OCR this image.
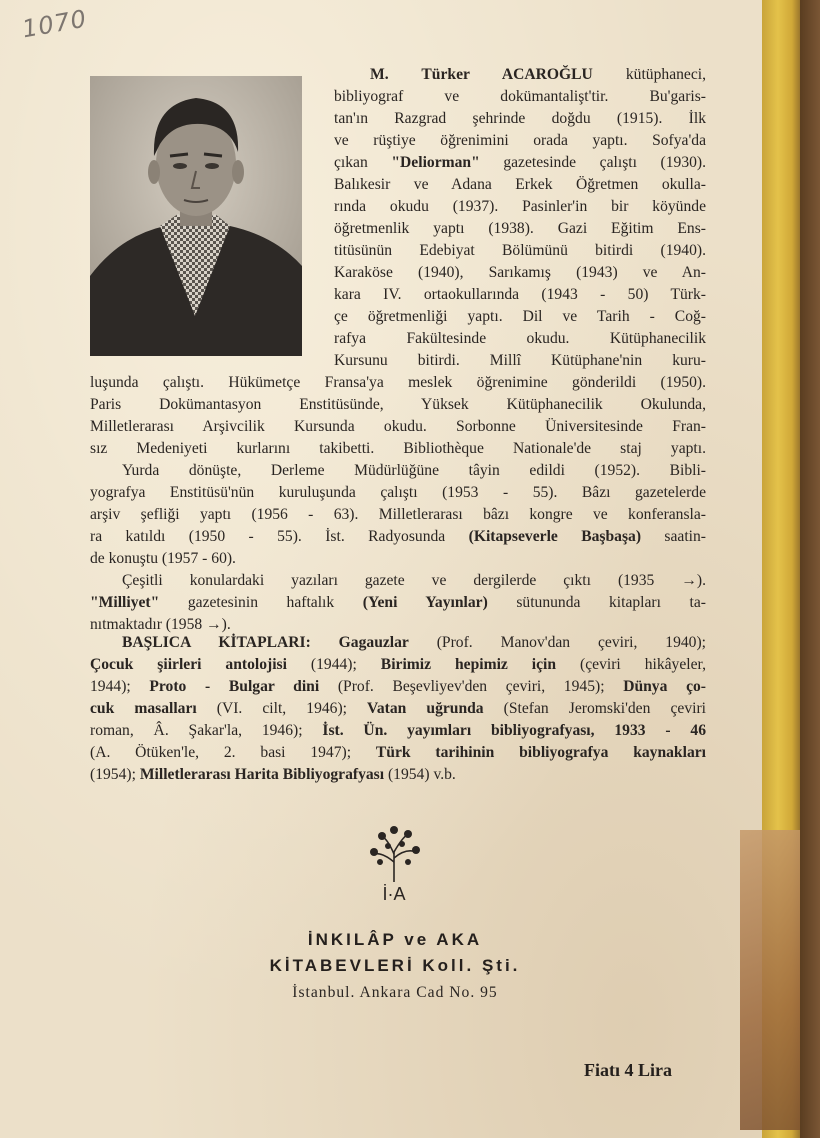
1070
M. Türker ACAROĞLU kütüphaneci,
bibliyograf ve dokümantalişt'tir. Bu'garis-
tan'ın Razgrad şehrinde doğdu (1915). İlk
ve rüştiye öğrenimini orada yaptı. Sofya'da
çıkan "Deliorman" gazetesinde çalıştı (1930).
Balıkesir ve Adana Erkek Öğretmen okulla-
rında okudu (1937). Pasinler'in bir köyünde
öğretmenlik yaptı (1938). Gazi Eğitim Ens-
titüsünün Edebiyat Bölümünü bitirdi (1940).
Karaköse (1940), Sarıkamış (1943) ve An-
kara IV. ortaokullarında (1943 - 50) Türk-
çe öğretmenliği yaptı. Dil ve Tarih - Coğ-
rafya Fakültesinde okudu. Kütüphanecilik
Kursunu bitirdi. Millî Kütüphane'nin kuru-
luşunda çalıştı. Hükümetçe Fransa'ya meslek öğrenimine gönderildi (1950).
Paris Dokümantasyon Enstitüsünde, Yüksek Kütüphanecilik Okulunda,
Milletlerarası Arşivcilik Kursunda okudu. Sorbonne Üniversitesinde Fran-
sız Medeniyeti kurlarını takibetti. Bibliothèque Nationale'de staj yaptı.
Yurda dönüşte, Derleme Müdürlüğüne tâyin edildi (1952). Bibli-
yografya Enstitüsü'nün kuruluşunda çalıştı (1953 - 55). Bâzı gazetelerde
arşiv şefliği yaptı (1956 - 63). Milletlerarası bâzı kongre ve konferansla-
ra katıldı (1950 - 55). İst. Radyosunda (Kitapseverle Başbaşa) saatin-
de konuştu (1957 - 60).
Çeşitli konulardaki yazıları gazete ve dergilerde çıktı (1935 →).
"Milliyet" gazetesinin haftalık (Yeni Yayınlar) sütununda kitapları ta-
nıtmaktadır (1958 →).
BAŞLICA KİTAPLARI: Gagauzlar (Prof. Manov'dan çeviri, 1940);
Çocuk şiirleri antolojisi (1944); Birimiz hepimiz için (çeviri hikâyeler,
1944); Proto - Bulgar dini (Prof. Beşevliyev'den çeviri, 1945); Dünya ço-
cuk masalları (VI. cilt, 1946); Vatan uğrunda (Stefan Jeromski'den çeviri
roman, Â. Şakar'la, 1946); İst. Ün. yayımları bibliyografyası, 1933 - 46
(A. Ötüken'le, 2. basi 1947); Türk tarihinin bibliyografya kaynakları
(1954); Milletlerarası Harita Bibliyografyası (1954) v.b.
İ·A
İNKILÂP ve AKA
KİTABEVLERİ Koll. Şti.
İstanbul. Ankara Cad No. 95
Fiatı 4 Lira
